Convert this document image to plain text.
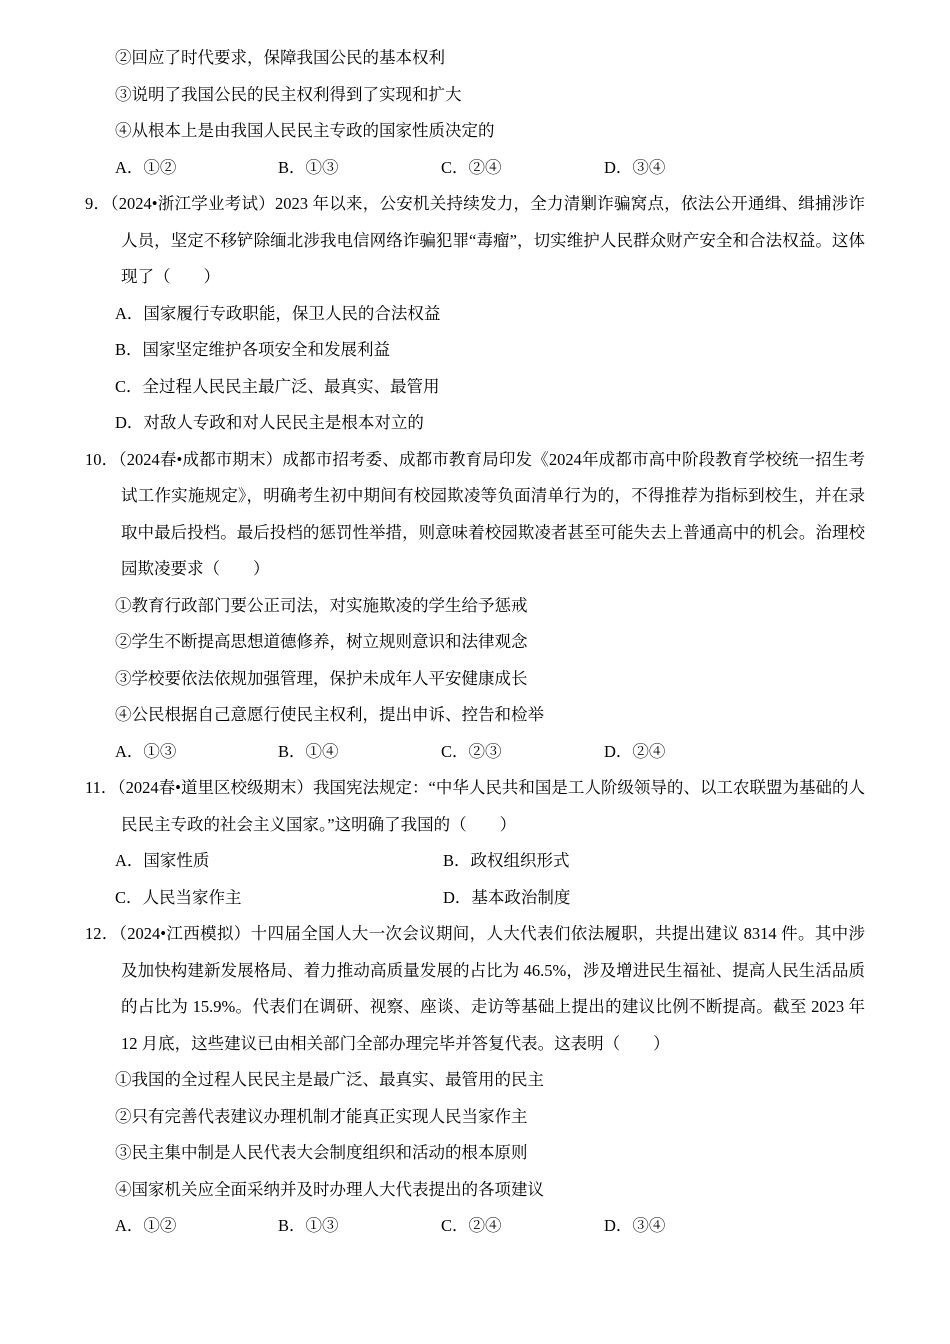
②回应了时代要求，保障我国公民的基本权利

③说明了我国公民的民主权利得到了实现和扩大

④从根本上是由我国人民民主专政的国家性质决定的

A．①②	B．①③	C．②④	D．③④

9．（2024•浙江学业考试）2023 年以来，公安机关持续发力，全力清剿诈骗窝点，依法公开通缉、缉捕涉诈人员，坚定不移铲除缅北涉我电信网络诈骗犯罪“毒瘤”，切实维护人民群众财产安全和合法权益。这体现了（　　）

A．国家履行专政职能，保卫人民的合法权益

B．国家坚定维护各项安全和发展利益

C．全过程人民民主最广泛、最真实、最管用

D．对敌人专政和对人民民主是根本对立的

10．（2024春•成都市期末）成都市招考委、成都市教育局印发《2024年成都市高中阶段教育学校统一招生考试工作实施规定》，明确考生初中期间有校园欺凌等负面清单行为的，不得推荐为指标到校生，并在录取中最后投档。最后投档的惩罚性举措，则意味着校园欺凌者甚至可能失去上普通高中的机会。治理校园欺凌要求（　　）

①教育行政部门要公正司法，对实施欺凌的学生给予惩戒

②学生不断提高思想道德修养，树立规则意识和法律观念

③学校要依法依规加强管理，保护未成年人平安健康成长

④公民根据自己意愿行使民主权利，提出申诉、控告和检举

A．①③	B．①④	C．②③	D．②④

11．（2024春•道里区校级期末）我国宪法规定：“中华人民共和国是工人阶级领导的、以工农联盟为基础的人民民主专政的社会主义国家。”这明确了我国的（　　）

A．国家性质	B．政权组织形式

C．人民当家作主	D．基本政治制度

12．（2024•江西模拟）十四届全国人大一次会议期间，人大代表们依法履职，共提出建议 8314 件。其中涉及加快构建新发展格局、着力推动高质量发展的占比为 46.5%，涉及增进民生福祉、提高人民生活品质的占比为 15.9%。代表们在调研、视察、座谈、走访等基础上提出的建议比例不断提高。截至 2023 年 12 月底，这些建议已由相关部门全部办理完毕并答复代表。这表明（　　）

①我国的全过程人民民主是最广泛、最真实、最管用的民主

②只有完善代表建议办理机制才能真正实现人民当家作主

③民主集中制是人民代表大会制度组织和活动的根本原则

④国家机关应全面采纳并及时办理人大代表提出的各项建议

A．①②	B．①③	C．②④	D．③④
